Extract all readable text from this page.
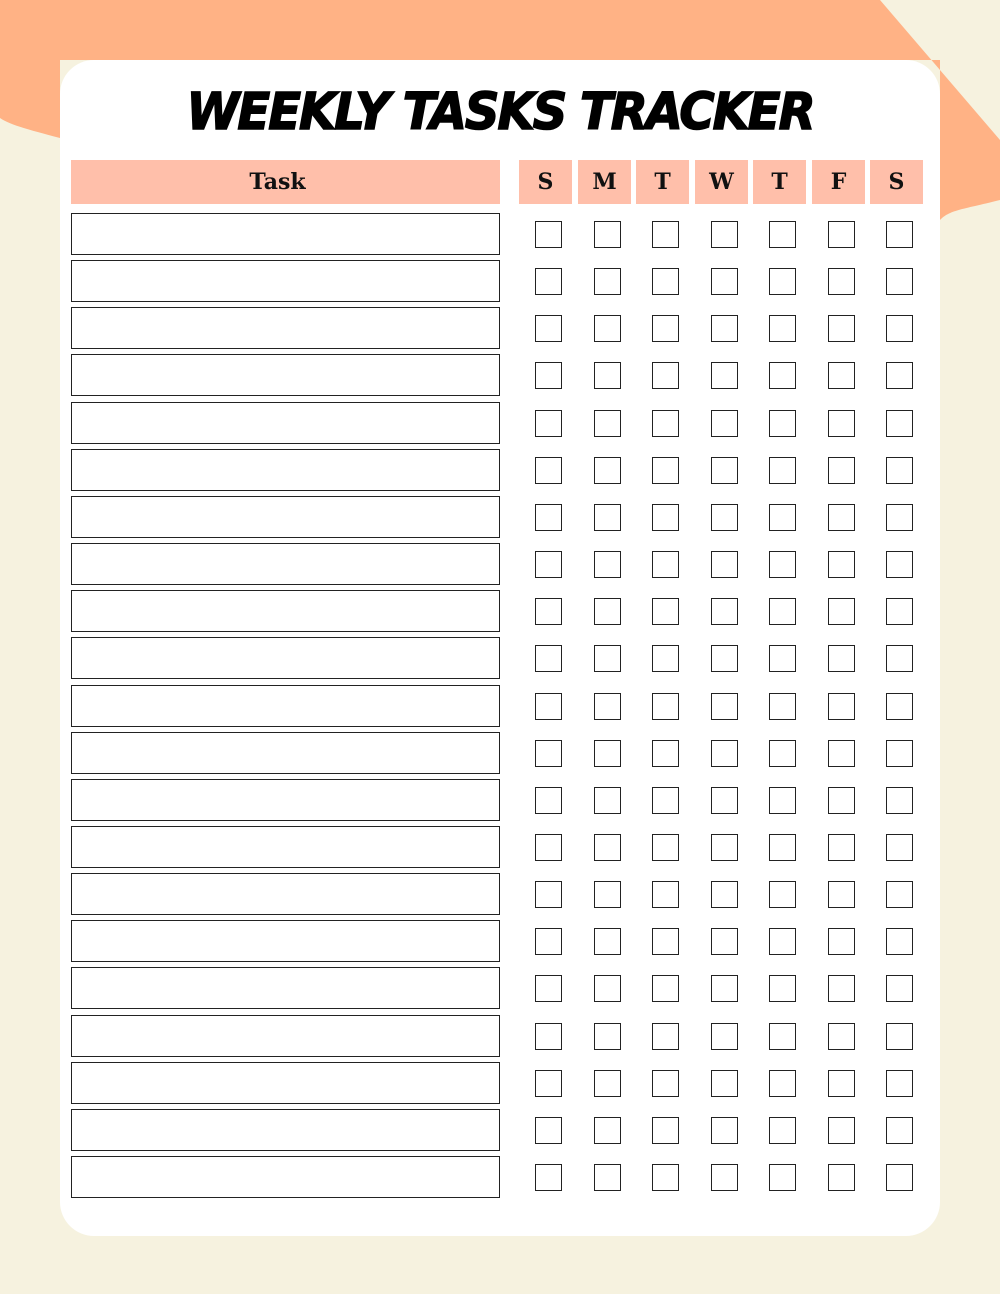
WEEKLY TASKS TRACKER
Task	S	M	T	W	T	F	S
